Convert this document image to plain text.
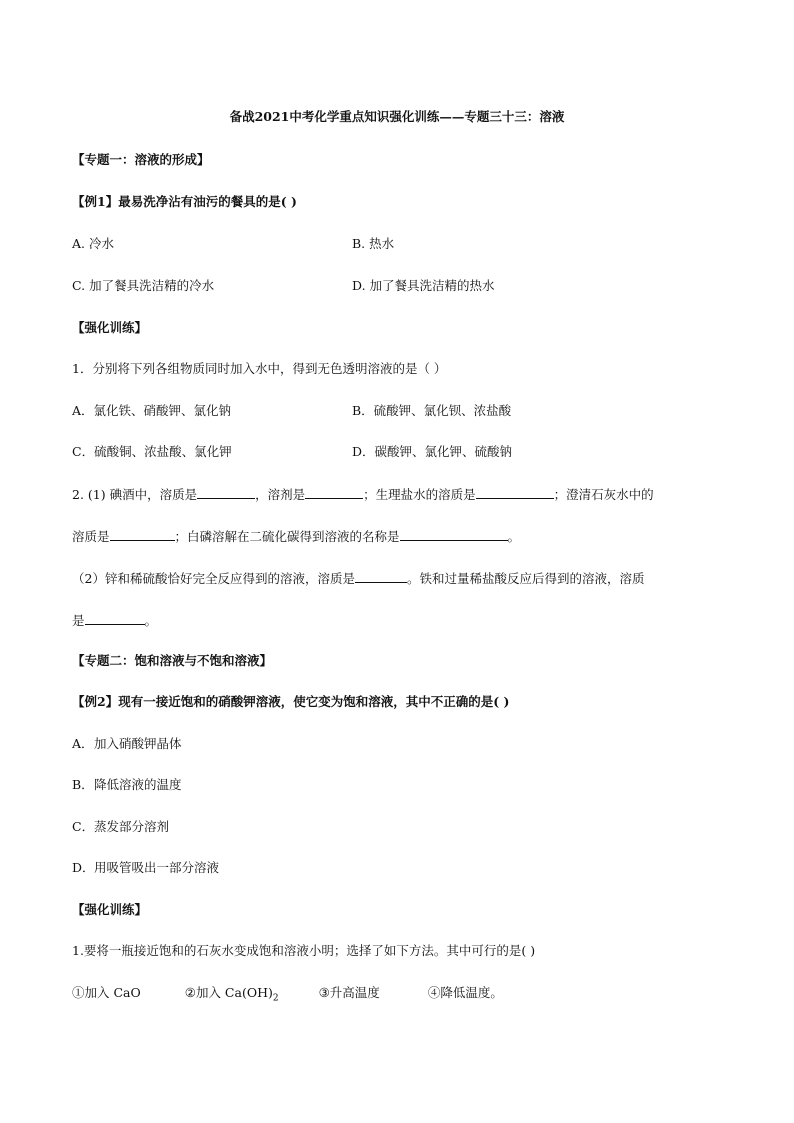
备战2021中考化学重点知识强化训练——专题三十三：溶液
【专题一：溶液的形成】
【例1】最易洗净沾有油污的餐具的是( )
A. 冷水	B. 热水
C. 加了餐具洗洁精的冷水	D. 加了餐具洗洁精的热水
【强化训练】
1．分别将下列各组物质同时加入水中，得到无色透明溶液的是（ ）
A．氯化铁、硝酸钾、氯化钠	B．硫酸钾、氯化钡、浓盐酸
C．硫酸铜、浓盐酸、氯化钾	D．碳酸钾、氯化钾、硫酸钠
2. (1) 碘酒中，溶质是	，溶剂是	；生理盐水的溶质是	；澄清石灰水中的
溶质是	；白磷溶解在二硫化碳得到溶液的名称是	。
（2）锌和稀硫酸恰好完全反应得到的溶液，溶质是	。铁和过量稀盐酸反应后得到的溶液，溶质
是	。
【专题二：饱和溶液与不饱和溶液】
【例2】现有一接近饱和的硝酸钾溶液，使它变为饱和溶液，其中不正确的是( )
A．加入硝酸钾晶体
B．降低溶液的温度
C．蒸发部分溶剂
D．用吸管吸出一部分溶液
【强化训练】
1.要将一瓶接近饱和的石灰水变成饱和溶液小明；选择了如下方法。其中可行的是( )
①加入 CaO	②加入 $Ca(OH)_2$	③升高温度	④降低温度。
